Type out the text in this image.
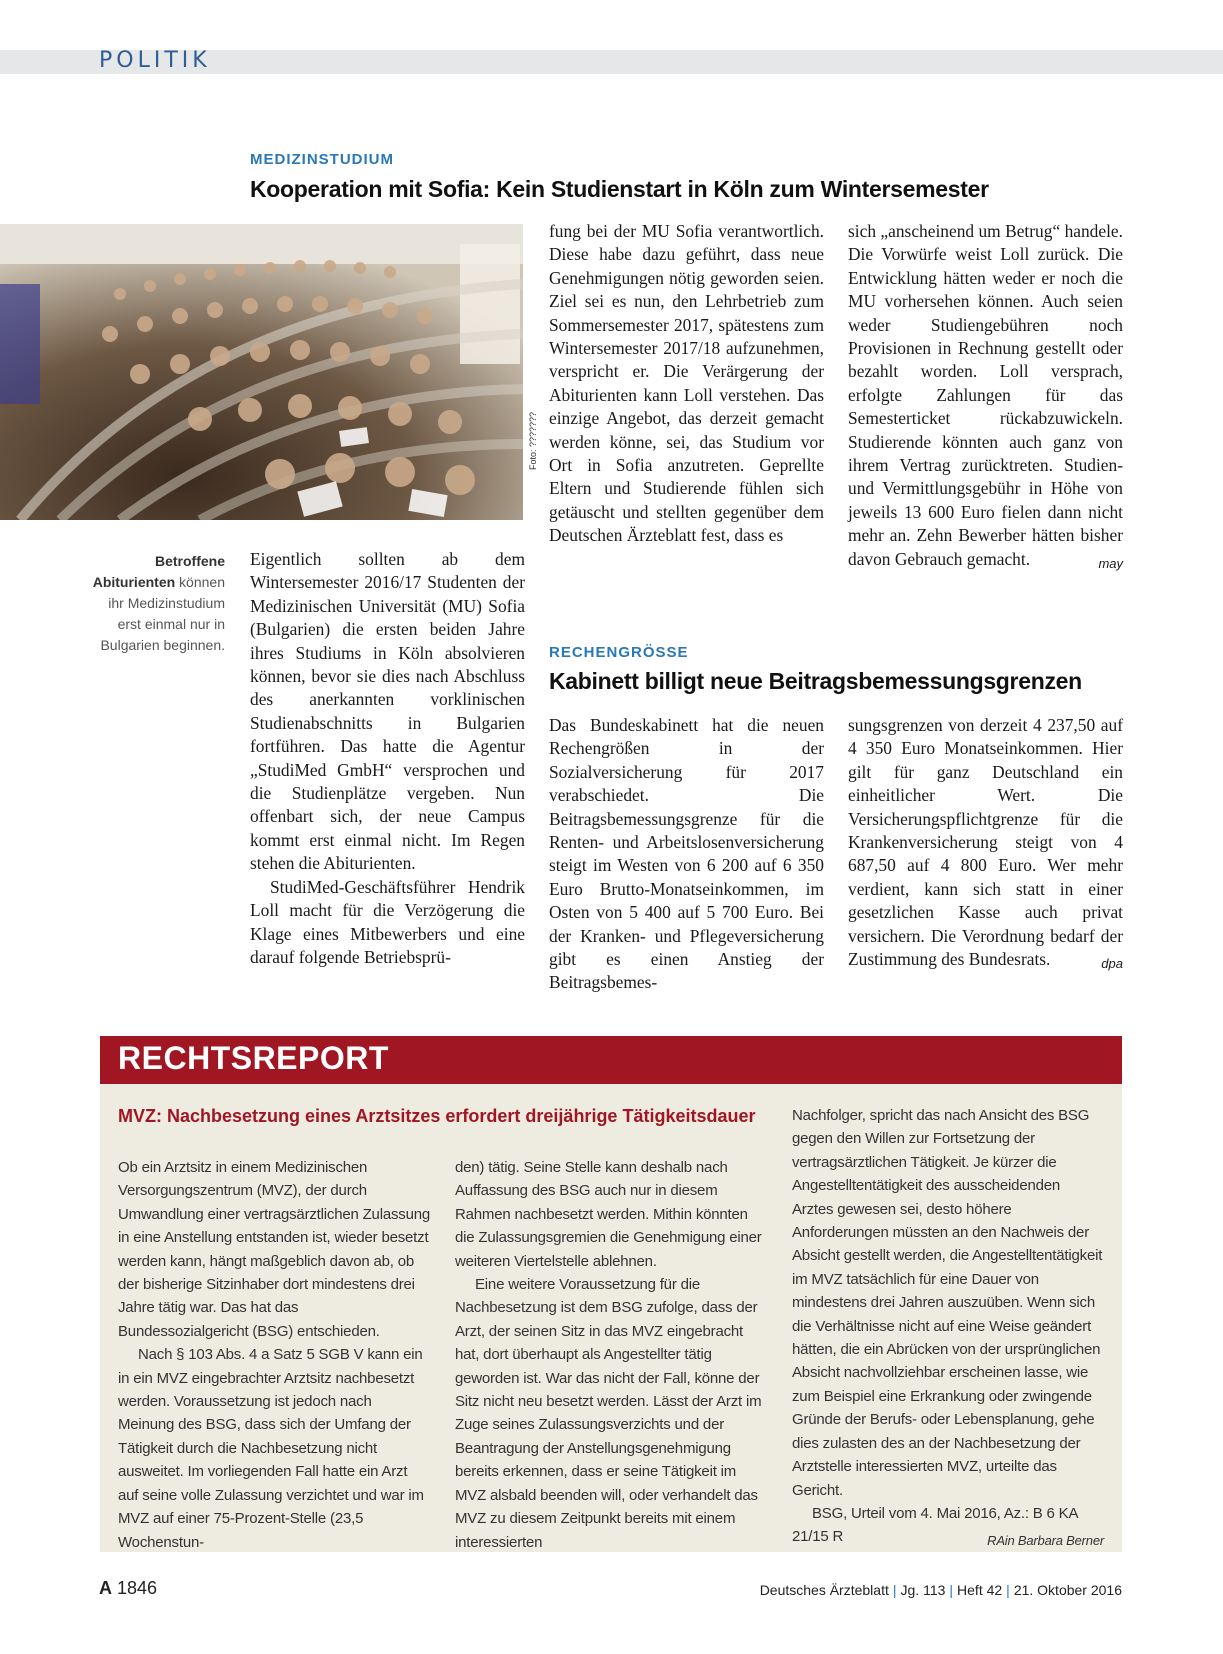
POLITIK
MEDIZINSTUDIUM
Kooperation mit Sofia: Kein Studienstart in Köln zum Wintersemester
Foto: ???????
Betroffene Abiturienten können ihr Medizinstudium erst einmal nur in Bulgarien beginnen.

Eigentlich sollten ab dem Wintersemester 2016/17 Studenten der Medizinischen Universität (MU) Sofia (Bulgarien) die ersten beiden Jahre ihres Studiums in Köln absolvieren können, bevor sie dies nach Abschluss des anerkannten vorklinischen Studienabschnitts in Bulgarien fortführen. Das hatte die Agentur „StudiMed GmbH“ versprochen und die Studienplätze vergeben. Nun offenbart sich, der neue Campus kommt erst einmal nicht. Im Regen stehen die Abiturienten.

StudiMed-Geschäftsführer Hendrik Loll macht für die Verzögerung die Klage eines Mitbewerbers und eine darauf folgende Betriebsprü-

fung bei der MU Sofia verantwortlich. Diese habe dazu geführt, dass neue Genehmigungen nötig geworden seien. Ziel sei es nun, den Lehrbetrieb zum Sommersemester 2017, spätestens zum Wintersemester 2017/18 aufzunehmen, verspricht er. Die Verärgerung der Abiturienten kann Loll verstehen. Das einzige Angebot, das derzeit gemacht werden könne, sei, das Studium vor Ort in Sofia anzutreten. Geprellte Eltern und Studierende fühlen sich getäuscht und stellten gegenüber dem Deutschen Ärzteblatt fest, dass es

sich „anscheinend um Betrug“ handele. Die Vorwürfe weist Loll zurück. Die Entwicklung hätten weder er noch die MU vorhersehen können. Auch seien weder Studiengebühren noch Provisionen in Rechnung gestellt oder bezahlt worden. Loll versprach, erfolgte Zahlungen für das Semesterticket rückabzuwickeln. Studierende könnten auch ganz von ihrem Vertrag zurücktreten. Studien- und Vermittlungsgebühr in Höhe von jeweils 13 600 Euro fielen dann nicht mehr an. Zehn Bewerber hätten bisher davon Gebrauch gemacht.	may

RECHENGRÖSSE
Kabinett billigt neue Beitragsbemessungsgrenzen

Das Bundeskabinett hat die neuen Rechengrößen in der Sozialversicherung für 2017 verabschiedet. Die Beitragsbemessungsgrenze für die Renten- und Arbeitslosenversicherung steigt im Westen von 6 200 auf 6 350 Euro Brutto-Monatseinkommen, im Osten von 5 400 auf 5 700 Euro. Bei der Kranken- und Pflegeversicherung gibt es einen Anstieg der Beitragsbemes-

sungsgrenzen von derzeit 4 237,50 auf 4 350 Euro Monatseinkommen. Hier gilt für ganz Deutschland ein einheitlicher Wert. Die Versicherungspflichtgrenze für die Krankenversicherung steigt von 4 687,50 auf 4 800 Euro. Wer mehr verdient, kann sich statt in einer gesetzlichen Kasse auch privat versichern. Die Verordnung bedarf der Zustimmung des Bundesrats.	dpa

RECHTSREPORT
MVZ: Nachbesetzung eines Arztsitzes erfordert dreijährige Tätigkeitsdauer

Ob ein Arztsitz in einem Medizinischen Versorgungszentrum (MVZ), der durch Umwandlung einer vertragsärztlichen Zulassung in eine Anstellung entstanden ist, wieder besetzt werden kann, hängt maßgeblich davon ab, ob der bisherige Sitzinhaber dort mindestens drei Jahre tätig war. Das hat das Bundessozialgericht (BSG) entschieden.

Nach § 103 Abs. 4 a Satz 5 SGB V kann ein in ein MVZ eingebrachter Arztsitz nachbesetzt werden. Voraussetzung ist jedoch nach Meinung des BSG, dass sich der Umfang der Tätigkeit durch die Nachbesetzung nicht ausweitet. Im vorliegenden Fall hatte ein Arzt auf seine volle Zulassung verzichtet und war im MVZ auf einer 75-Prozent-Stelle (23,5 Wochenstun-

den) tätig. Seine Stelle kann deshalb nach Auffassung des BSG auch nur in diesem Rahmen nachbesetzt werden. Mithin könnten die Zulassungsgremien die Genehmigung einer weiteren Viertelstelle ablehnen.

Eine weitere Voraussetzung für die Nachbesetzung ist dem BSG zufolge, dass der Arzt, der seinen Sitz in das MVZ eingebracht hat, dort überhaupt als Angestellter tätig geworden ist. War das nicht der Fall, könne der Sitz nicht neu besetzt werden. Lässt der Arzt im Zuge seines Zulassungsverzichts und der Beantragung der Anstellungsgenehmigung bereits erkennen, dass er seine Tätigkeit im MVZ alsbald beenden will, oder verhandelt das MVZ zu diesem Zeitpunkt bereits mit einem interessierten

Nachfolger, spricht das nach Ansicht des BSG gegen den Willen zur Fortsetzung der vertragsärztlichen Tätigkeit. Je kürzer die Angestelltentätigkeit des ausscheidenden Arztes gewesen sei, desto höhere Anforderungen müssten an den Nachweis der Absicht gestellt werden, die Angestelltentätigkeit im MVZ tatsächlich für eine Dauer von mindestens drei Jahren auszuüben. Wenn sich die Verhältnisse nicht auf eine Weise geändert hätten, die ein Abrücken von der ursprünglichen Absicht nachvollziehbar erscheinen lasse, wie zum Beispiel eine Erkrankung oder zwingende Gründe der Berufs- oder Lebensplanung, gehe dies zulasten des an der Nachbesetzung der Arztstelle interessierten MVZ, urteilte das Gericht.

BSG, Urteil vom 4. Mai 2016, Az.: B 6 KA 21/15 R	RAin Barbara Berner

A 1846	Deutsches Ärzteblatt | Jg. 113 | Heft 42 | 21. Oktober 2016
